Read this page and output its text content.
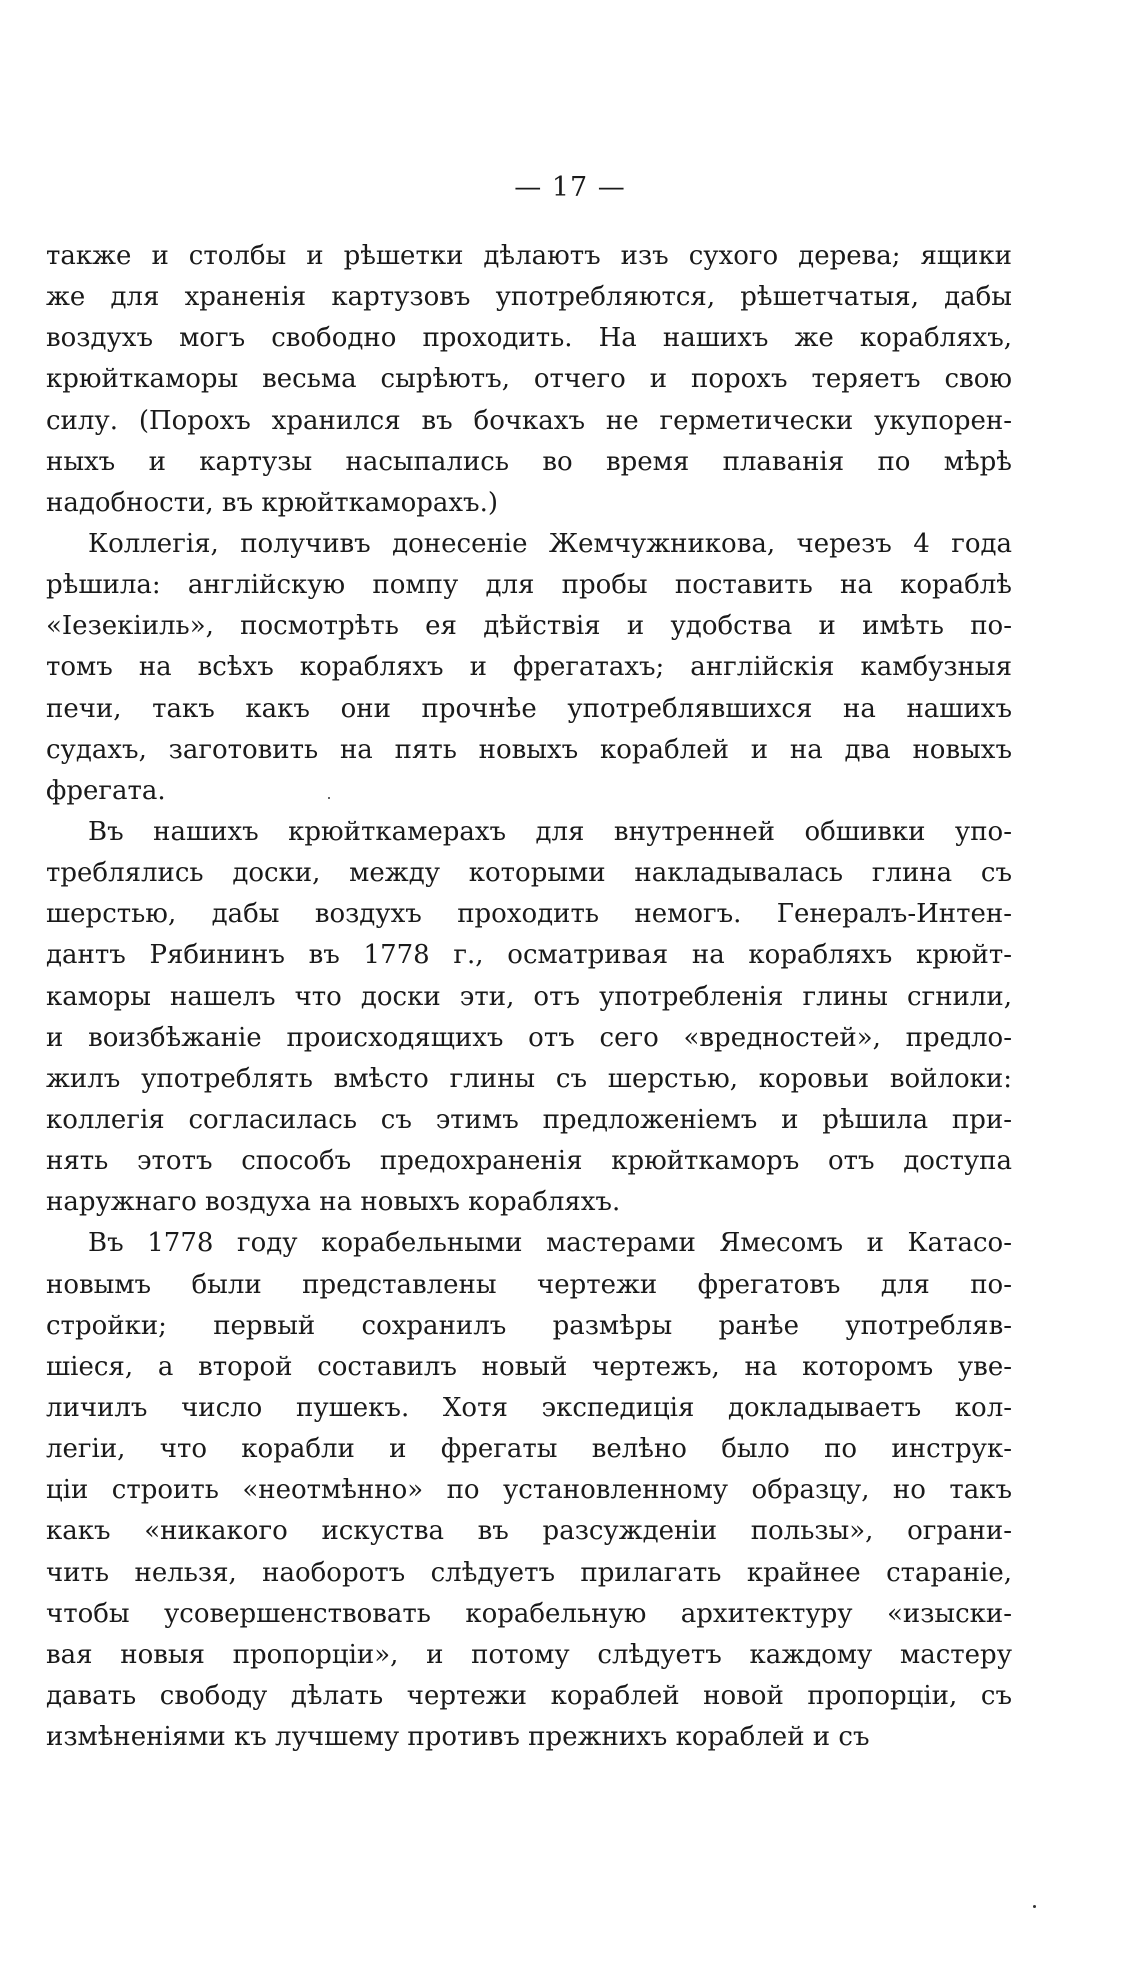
— 17 —
также и столбы и рѣшетки дѣлаютъ изъ сухого дерева; ящики
же для храненія картузовъ употребляются, рѣшетчатыя, дабы
воздухъ могъ свободно проходить. На нашихъ же корабляхъ,
крюйткаморы весьма сырѣютъ, отчего и порохъ теряетъ свою
силу. (Порохъ хранился въ бочкахъ не герметически укупорен-
ныхъ и картузы насыпались во время плаванія по мѣрѣ
надобности, въ крюйткаморахъ.)
Коллегія, получивъ донесеніе Жемчужникова, черезъ 4 года
рѣшила: англійскую помпу для пробы поставить на кораблѣ
«Іезекіиль», посмотрѣть ея дѣйствія и удобства и имѣть по-
томъ на всѣхъ корабляхъ и фрегатахъ; англійскія камбузныя
печи, такъ какъ они прочнѣе употреблявшихся на нашихъ
судахъ, заготовить на пять новыхъ кораблей и на два новыхъ
фрегата.
Въ нашихъ крюйткамерахъ для внутренней обшивки упо-
треблялись доски, между которыми накладывалась глина съ
шерстью, дабы воздухъ проходить немогъ. Генералъ-Интен-
дантъ Рябининъ въ 1778 г., осматривая на корабляхъ крюйт-
каморы нашелъ что доски эти, отъ употребленія глины сгнили,
и воизбѣжаніе происходящихъ отъ сего «вредностей», предло-
жилъ употреблять вмѣсто глины съ шерстью, коровьи войлоки:
коллегія согласилась съ этимъ предложеніемъ и рѣшила при-
нять этотъ способъ предохраненія крюйткаморъ отъ доступа
наружнаго воздуха на новыхъ корабляхъ.
Въ 1778 году корабельными мастерами Ямесомъ и Катасо-
новымъ были представлены чертежи фрегатовъ для по-
стройки; первый сохранилъ размѣры ранѣе употребляв-
шіеся, а второй составилъ новый чертежъ, на которомъ уве-
личилъ число пушекъ. Хотя экспедиція докладываетъ кол-
легіи, что корабли и фрегаты велѣно было по инструк-
ціи строить «неотмѣнно» по установленному образцу, но такъ
какъ «никакого искуства въ разсужденіи пользы», ограни-
чить нельзя, наоборотъ слѣдуетъ прилагать крайнее стараніе,
чтобы усовершенствовать корабельную архитектуру «изыски-
вая новыя пропорціи», и потому слѣдуетъ каждому мастеру
давать свободу дѣлать чертежи кораблей новой пропорціи, съ
измѣненіями къ лучшему противъ прежнихъ кораблей и съ
